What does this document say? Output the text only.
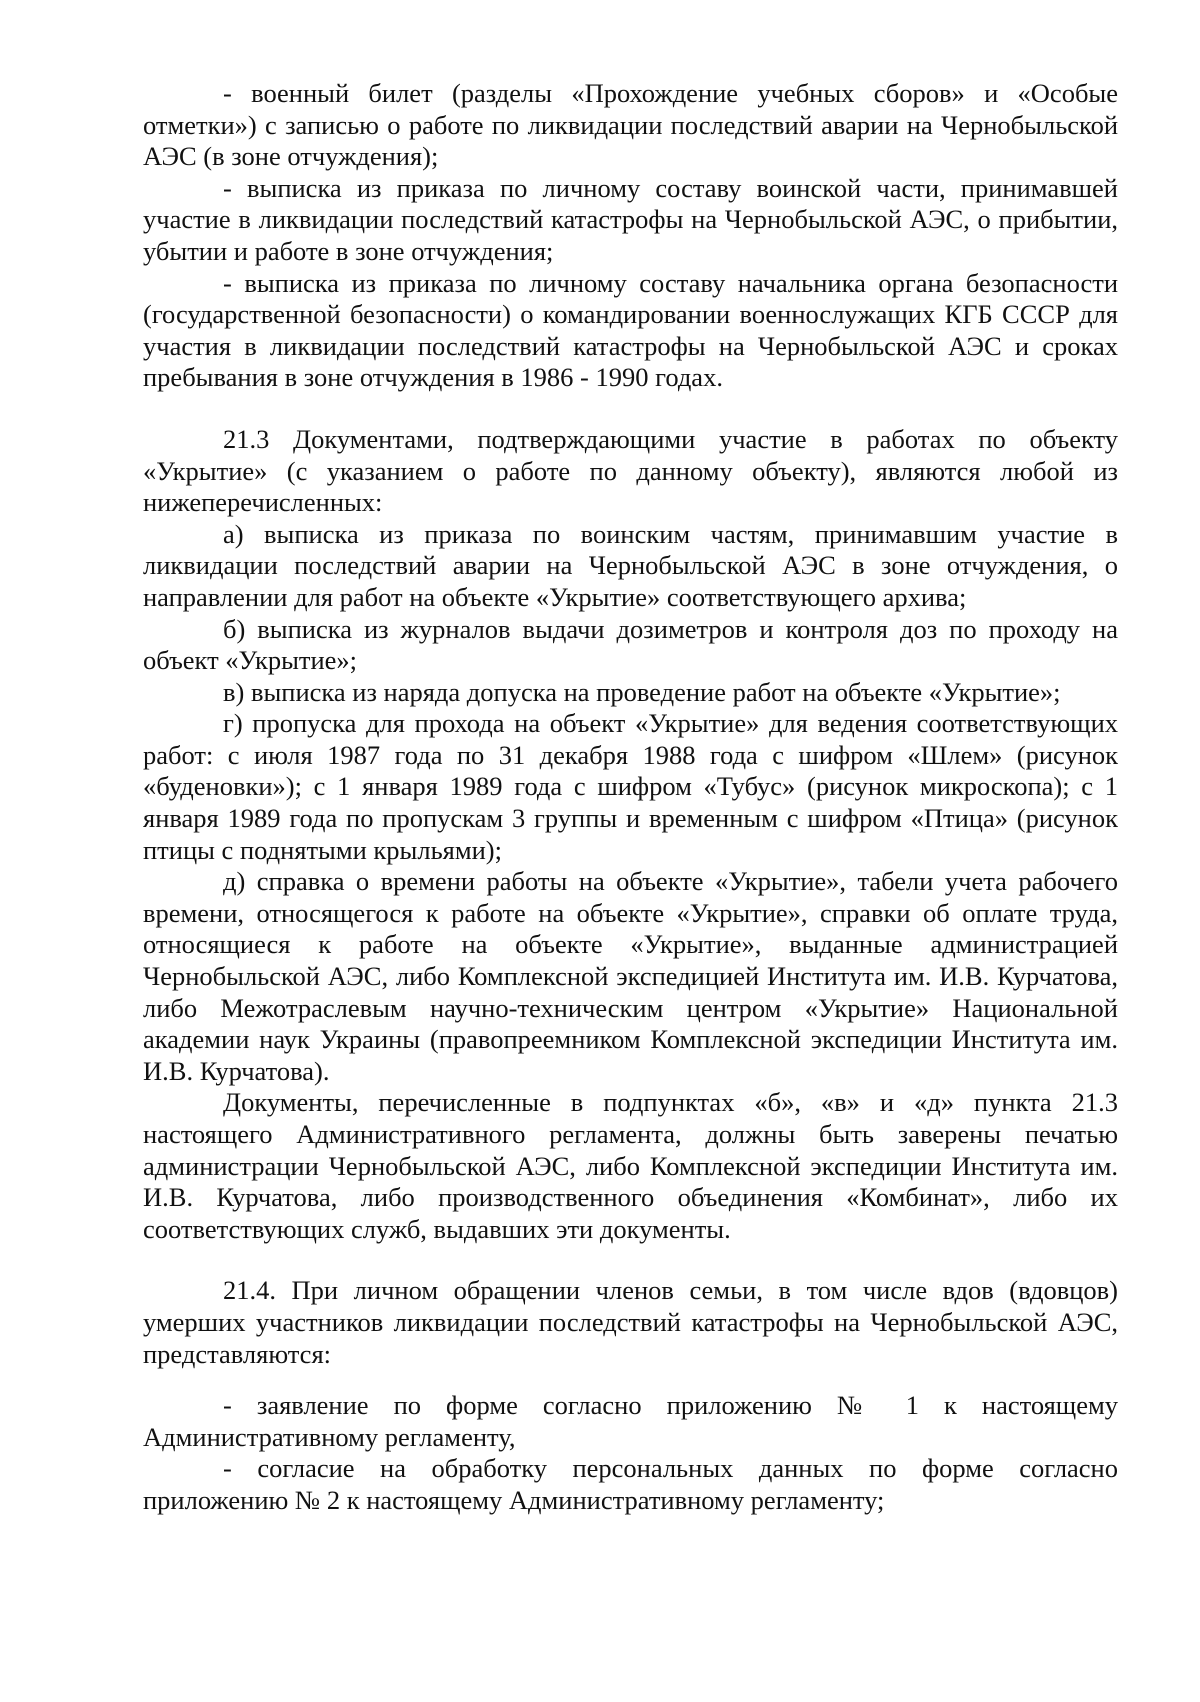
- военный билет (разделы «Прохождение учебных сборов» и «Особые отметки») с записью о работе по ликвидации последствий аварии на Чернобыльской АЭС (в зоне отчуждения);

- выписка из приказа по личному составу воинской части, принимавшей участие в ликвидации последствий катастрофы на Чернобыльской АЭС, о прибытии, убытии и работе в зоне отчуждения;

- выписка из приказа по личному составу начальника органа безопасности (государственной безопасности) о командировании военнослужащих КГБ СССР для участия в ликвидации последствий катастрофы на Чернобыльской АЭС и сроках пребывания в зоне отчуждения в 1986 - 1990 годах.

21.3 Документами, подтверждающими участие в работах по объекту «Укрытие» (с указанием о работе по данному объекту), являются любой из нижеперечисленных:

а) выписка из приказа по воинским частям, принимавшим участие в ликвидации последствий аварии на Чернобыльской АЭС в зоне отчуждения, о направлении для работ на объекте «Укрытие» соответствующего архива;

б) выписка из журналов выдачи дозиметров и контроля доз по проходу на объект «Укрытие»;

в) выписка из наряда допуска на проведение работ на объекте «Укрытие»;

г) пропуска для прохода на объект «Укрытие» для ведения соответствующих работ: с июля 1987 года по 31 декабря 1988 года с шифром «Шлем» (рисунок «буденовки»); с 1 января 1989 года с шифром «Тубус» (рисунок микроскопа); с 1 января 1989 года по пропускам 3 группы и временным с шифром «Птица» (рисунок птицы с поднятыми крыльями);

д) справка о времени работы на объекте «Укрытие», табели учета рабочего времени, относящегося к работе на объекте «Укрытие», справки об оплате труда, относящиеся к работе на объекте «Укрытие», выданные администрацией Чернобыльской АЭС, либо Комплексной экспедицией Института им. И.В. Курчатова, либо Межотраслевым научно-техническим центром «Укрытие» Национальной академии наук Украины (правопреемником Комплексной экспедиции Института им. И.В. Курчатова).

Документы, перечисленные в подпунктах «б», «в» и «д» пункта 21.3 настоящего Административного регламента, должны быть заверены печатью администрации Чернобыльской АЭС, либо Комплексной экспедиции Института им. И.В. Курчатова, либо производственного объединения «Комбинат», либо их соответствующих служб, выдавших эти документы.

21.4. При личном обращении членов семьи, в том числе вдов (вдовцов) умерших участников ликвидации последствий катастрофы на Чернобыльской АЭС, представляются:

- заявление по форме согласно приложению № 1 к настоящему Административному регламенту,

- согласие на обработку персональных данных по форме согласно приложению № 2 к настоящему Административному регламенту;
